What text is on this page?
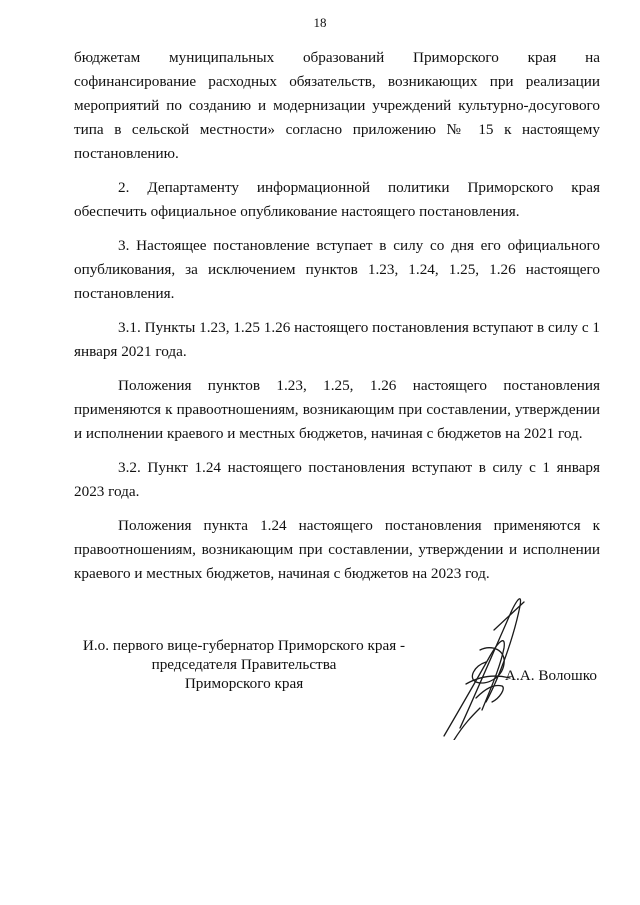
18

бюджетам муниципальных образований Приморского края на софинансирование расходных обязательств, возникающих при реализации мероприятий по созданию и модернизации учреждений культурно-досугового типа в сельской местности» согласно приложению № 15 к настоящему постановлению.

2. Департаменту информационной политики Приморского края обеспечить официальное опубликование настоящего постановления.

3. Настоящее постановление вступает в силу со дня его официального опубликования, за исключением пунктов 1.23, 1.24, 1.25, 1.26 настоящего постановления.

3.1. Пункты 1.23, 1.25 1.26 настоящего постановления вступают в силу с 1 января 2021 года.

Положения пунктов 1.23, 1.25, 1.26 настоящего постановления применяются к правоотношениям, возникающим при составлении, утверждении и исполнении краевого и местных бюджетов, начиная с бюджетов на 2021 год.

3.2. Пункт 1.24 настоящего постановления вступают в силу с 1 января 2023 года.

Положения пункта 1.24 настоящего постановления применяются к правоотношениям, возникающим при составлении, утверждении и исполнении краевого и местных бюджетов, начиная с бюджетов на 2023 год.

И.о. первого вице-губернатор Приморского края -
председателя Правительства
Приморского края	А.А. Волошко
